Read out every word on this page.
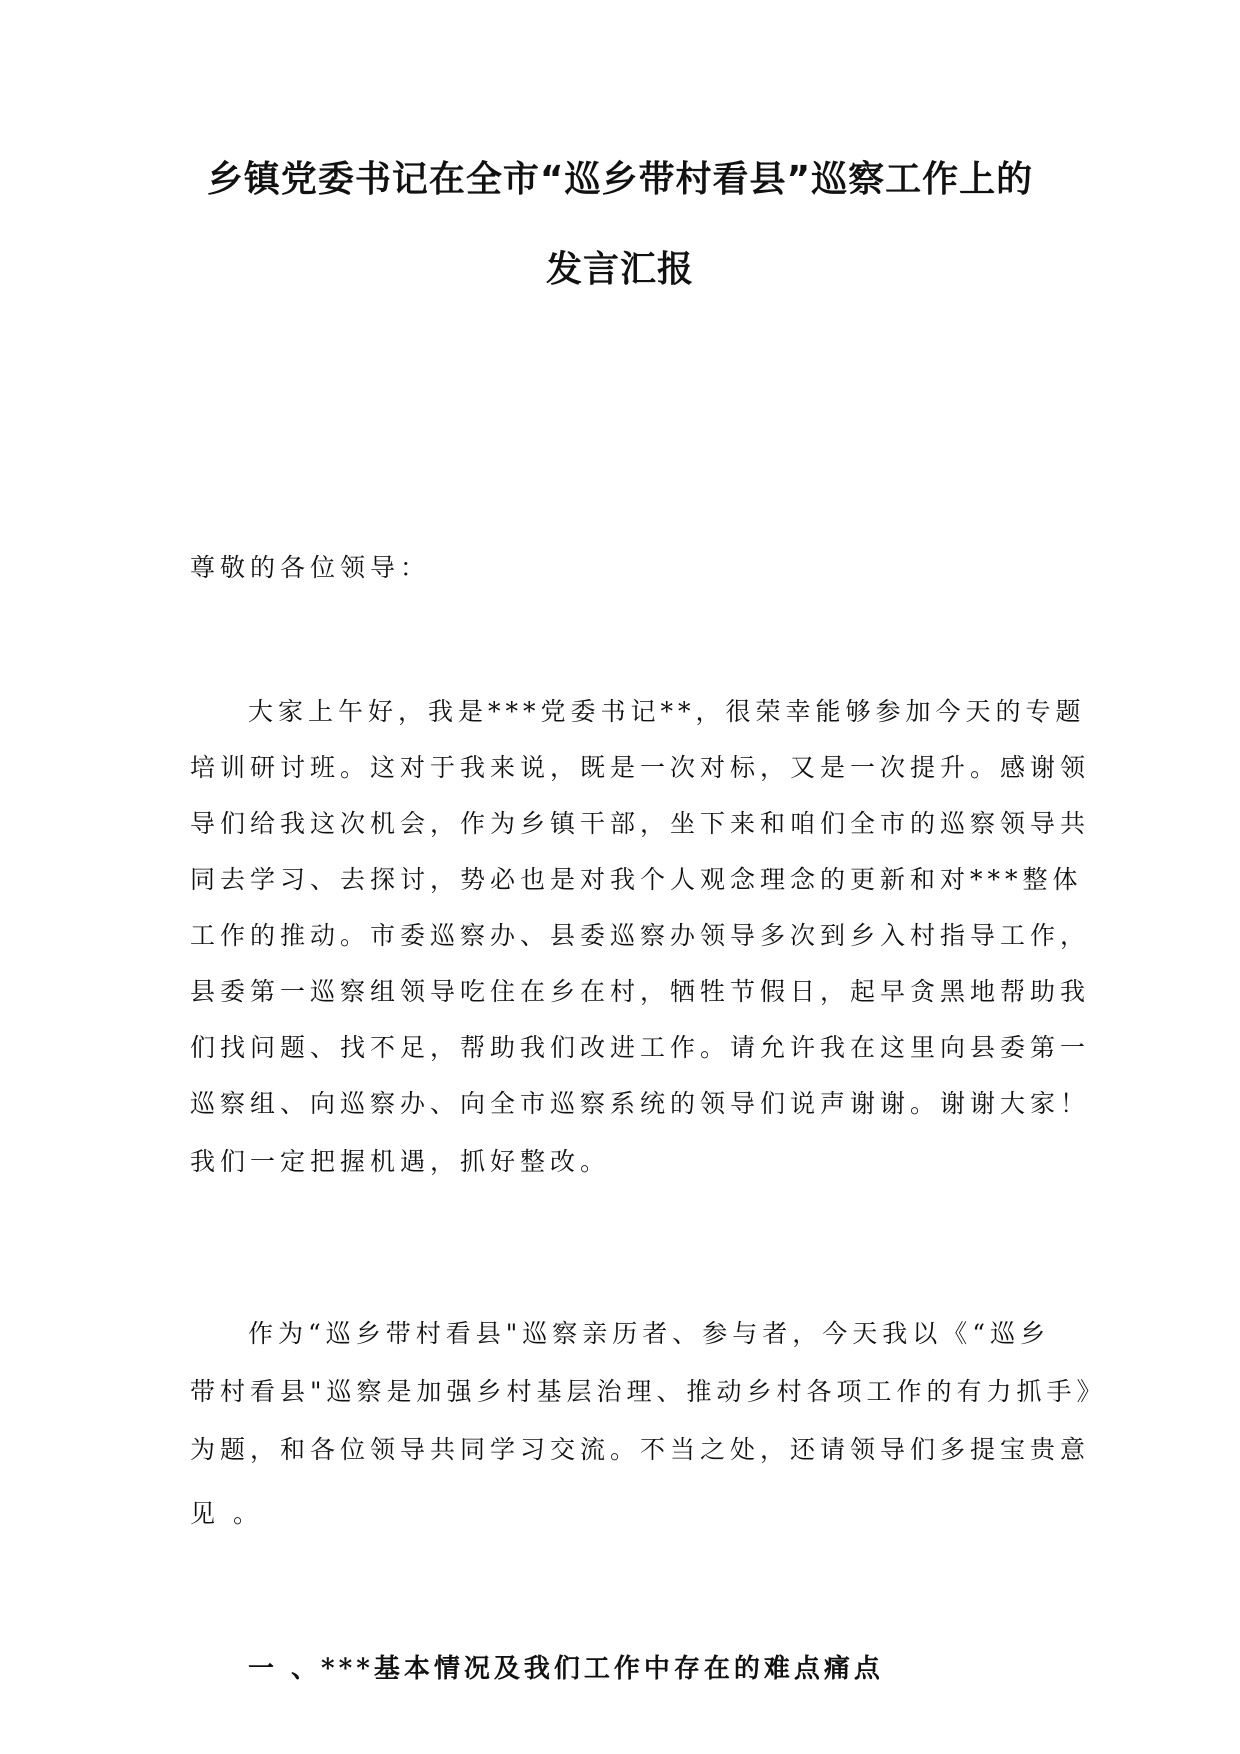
乡镇党委书记在全市“巡乡带村看县”巡察工作上的
发言汇报
尊敬的各位领导：
大家上午好，我是***党委书记**，很荣幸能够参加今天的专题
培训研讨班。这对于我来说，既是一次对标，又是一次提升。感谢领
导们给我这次机会，作为乡镇干部，坐下来和咱们全市的巡察领导共
同去学习、去探讨，势必也是对我个人观念理念的更新和对***整体
工作的推动。市委巡察办、县委巡察办领导多次到乡入村指导工作，
县委第一巡察组领导吃住在乡在村，牺牲节假日，起早贪黑地帮助我
们找问题、找不足，帮助我们改进工作。请允许我在这里向县委第一
巡察组、向巡察办、向全市巡察系统的领导们说声谢谢。谢谢大家！
我们一定把握机遇，抓好整改。
作为“巡乡带村看县"巡察亲历者、参与者，今天我以《“巡乡
带村看县"巡察是加强乡村基层治理、推动乡村各项工作的有力抓手》
为题，和各位领导共同学习交流。不当之处，还请领导们多提宝贵意
见 。
一 、***基本情况及我们工作中存在的难点痛点
